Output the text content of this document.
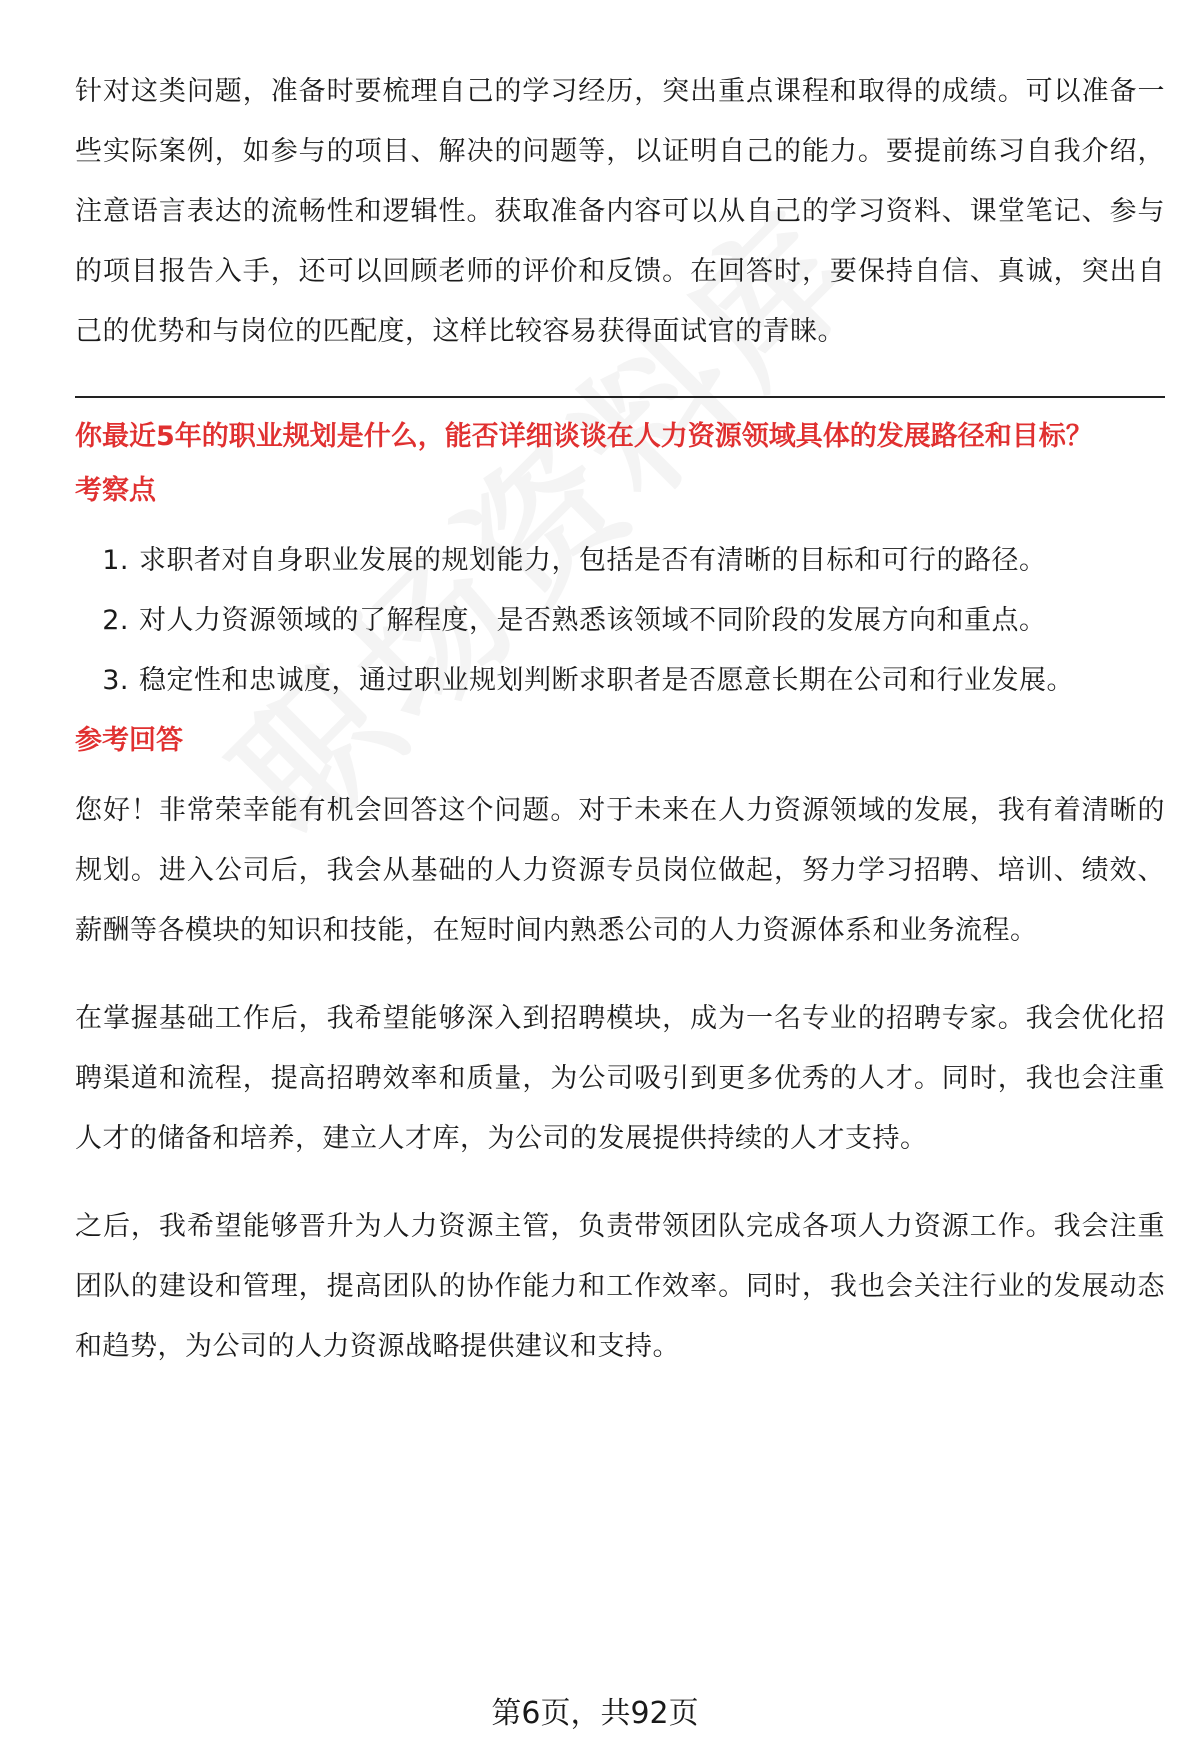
针对这类问题，准备时要梳理自己的学习经历，突出重点课程和取得的成绩。可以准备一些实际案例，如参与的项目、解决的问题等，以证明自己的能力。要提前练习自我介绍，注意语言表达的流畅性和逻辑性。获取准备内容可以从自己的学习资料、课堂笔记、参与的项目报告入手，还可以回顾老师的评价和反馈。在回答时，要保持自信、真诚，突出自己的优势和与岗位的匹配度，这样比较容易获得面试官的青睐。

你最近5年的职业规划是什么，能否详细谈谈在人力资源领域具体的发展路径和目标？
考察点
1. 求职者对自身职业发展的规划能力，包括是否有清晰的目标和可行的路径。
2. 对人力资源领域的了解程度，是否熟悉该领域不同阶段的发展方向和重点。
3. 稳定性和忠诚度，通过职业规划判断求职者是否愿意长期在公司和行业发展。
参考回答

您好！非常荣幸能有机会回答这个问题。对于未来在人力资源领域的发展，我有着清晰的规划。进入公司后，我会从基础的人力资源专员岗位做起，努力学习招聘、培训、绩效、薪酬等各模块的知识和技能，在短时间内熟悉公司的人力资源体系和业务流程。

在掌握基础工作后，我希望能够深入到招聘模块，成为一名专业的招聘专家。我会优化招聘渠道和流程，提高招聘效率和质量，为公司吸引到更多优秀的人才。同时，我也会注重人才的储备和培养，建立人才库，为公司的发展提供持续的人才支持。

之后，我希望能够晋升为人力资源主管，负责带领团队完成各项人力资源工作。我会注重团队的建设和管理，提高团队的协作能力和工作效率。同时，我也会关注行业的发展动态和趋势，为公司的人力资源战略提供建议和支持。

第6页，共92页
